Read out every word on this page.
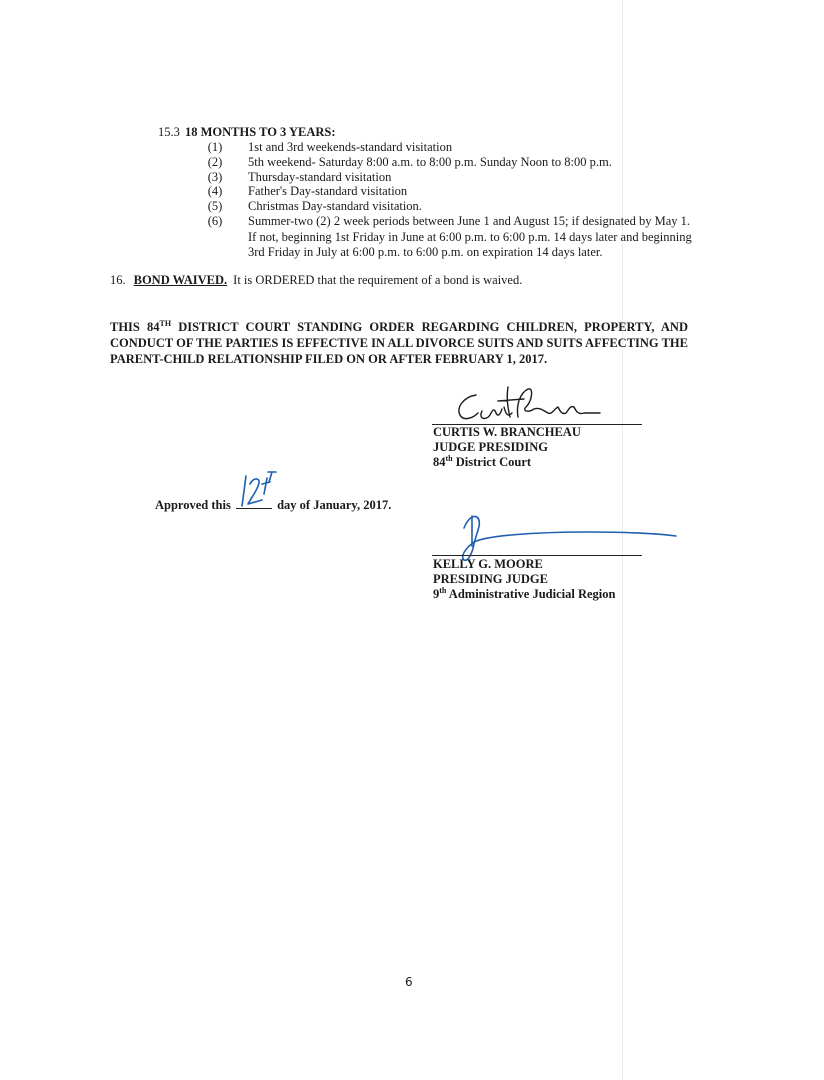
15.3 18 MONTHS TO 3 YEARS:
(1)	1st and 3rd weekends-standard visitation
(2)	5th weekend- Saturday 8:00 a.m. to 8:00 p.m. Sunday Noon to 8:00 p.m.
(3)	Thursday-standard visitation
(4)	Father's Day-standard visitation
(5)	Christmas Day-standard visitation.
(6)	Summer-two (2) 2 week periods between June 1 and August 15; if designated by May 1.
If not, beginning 1st Friday in June at 6:00 p.m. to 6:00 p.m. 14 days later and beginning
3rd Friday in July at 6:00 p.m. to 6:00 p.m. on expiration 14 days later.
16. BOND WAIVED. It is ORDERED that the requirement of a bond is waived.
THIS 84TH DISTRICT COURT STANDING ORDER REGARDING CHILDREN, PROPERTY, AND CONDUCT OF THE PARTIES IS EFFECTIVE IN ALL DIVORCE SUITS AND SUITS AFFECTING THE PARENT-CHILD RELATIONSHIP FILED ON OR AFTER FEBRUARY 1, 2017.
CURTIS W. BRANCHEAU
JUDGE PRESIDING
84th District Court
Approved this	day of January, 2017.
KELLY G. MOORE
PRESIDING JUDGE
9th Administrative Judicial Region
6
